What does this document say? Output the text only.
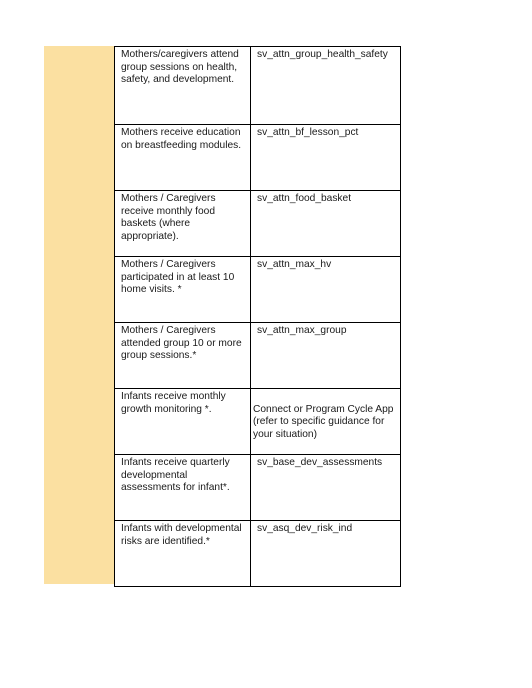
Mothers/caregivers attend group sessions on health, safety, and development.	sv_attn_group_health_safety
Mothers receive education on breastfeeding modules.	sv_attn_bf_lesson_pct
Mothers / Caregivers receive monthly food baskets (where appropriate).	sv_attn_food_basket
Mothers / Caregivers participated in at least 10 home visits. *	sv_attn_max_hv
Mothers / Caregivers attended group 10 or more group sessions.*	sv_attn_max_group
Infants receive monthly growth monitoring *.	Connect or Program Cycle App (refer to specific guidance for your situation)
Infants receive quarterly developmental assessments for infant*.	sv_base_dev_assessments
Infants with developmental risks are identified.*	sv_asq_dev_risk_ind
